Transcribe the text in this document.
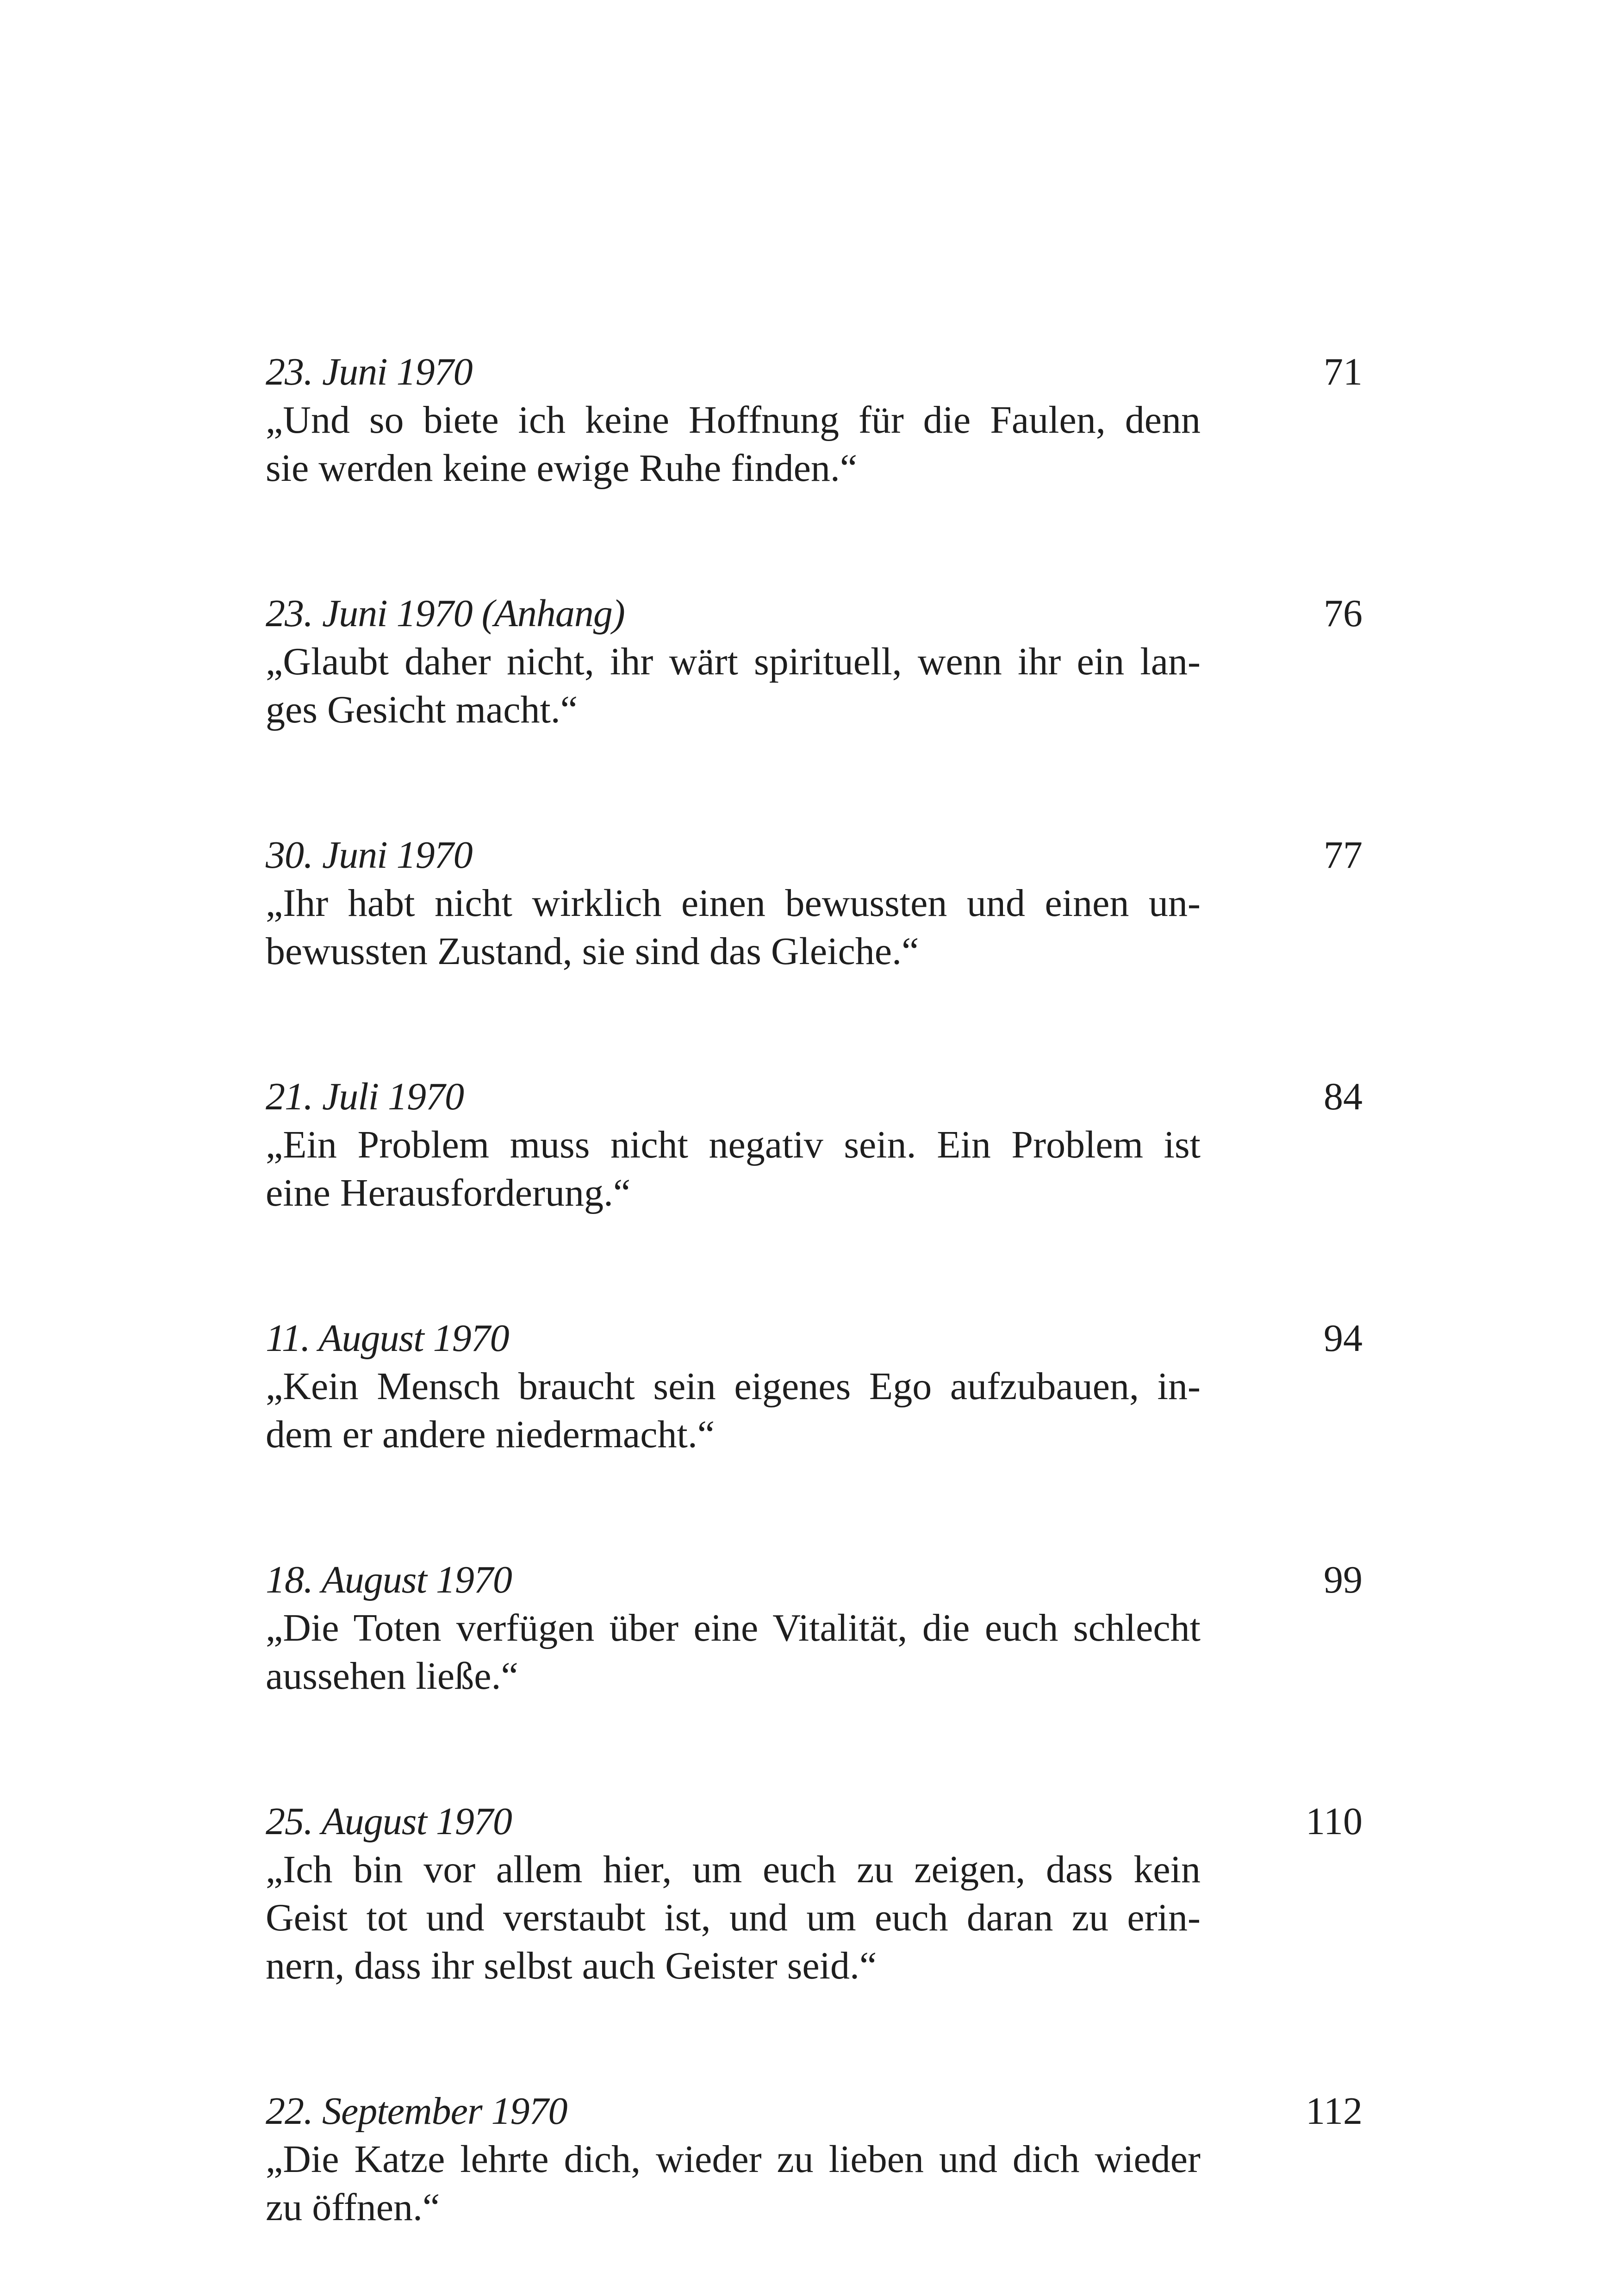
23. Juni 1970	71
„Und so biete ich keine Hoffnung für die Faulen, denn
sie werden keine ewige Ruhe finden.“
23. Juni 1970 (Anhang)	76
„Glaubt daher nicht, ihr wärt spirituell, wenn ihr ein lan-
ges Gesicht macht.“
30. Juni 1970	77
„Ihr habt nicht wirklich einen bewussten und einen un-
bewussten Zustand, sie sind das Gleiche.“
21. Juli 1970	84
„Ein Problem muss nicht negativ sein. Ein Problem ist
eine Herausforderung.“
11. August 1970	94
„Kein Mensch braucht sein eigenes Ego aufzubauen, in-
dem er andere niedermacht.“
18. August 1970	99
„Die Toten verfügen über eine Vitalität, die euch schlecht
aussehen ließe.“
25. August 1970	110
„Ich bin vor allem hier, um euch zu zeigen, dass kein
Geist tot und verstaubt ist, und um euch daran zu erin-
nern, dass ihr selbst auch Geister seid.“
22. September 1970	112
„Die Katze lehrte dich, wieder zu lieben und dich wieder
zu öffnen.“
